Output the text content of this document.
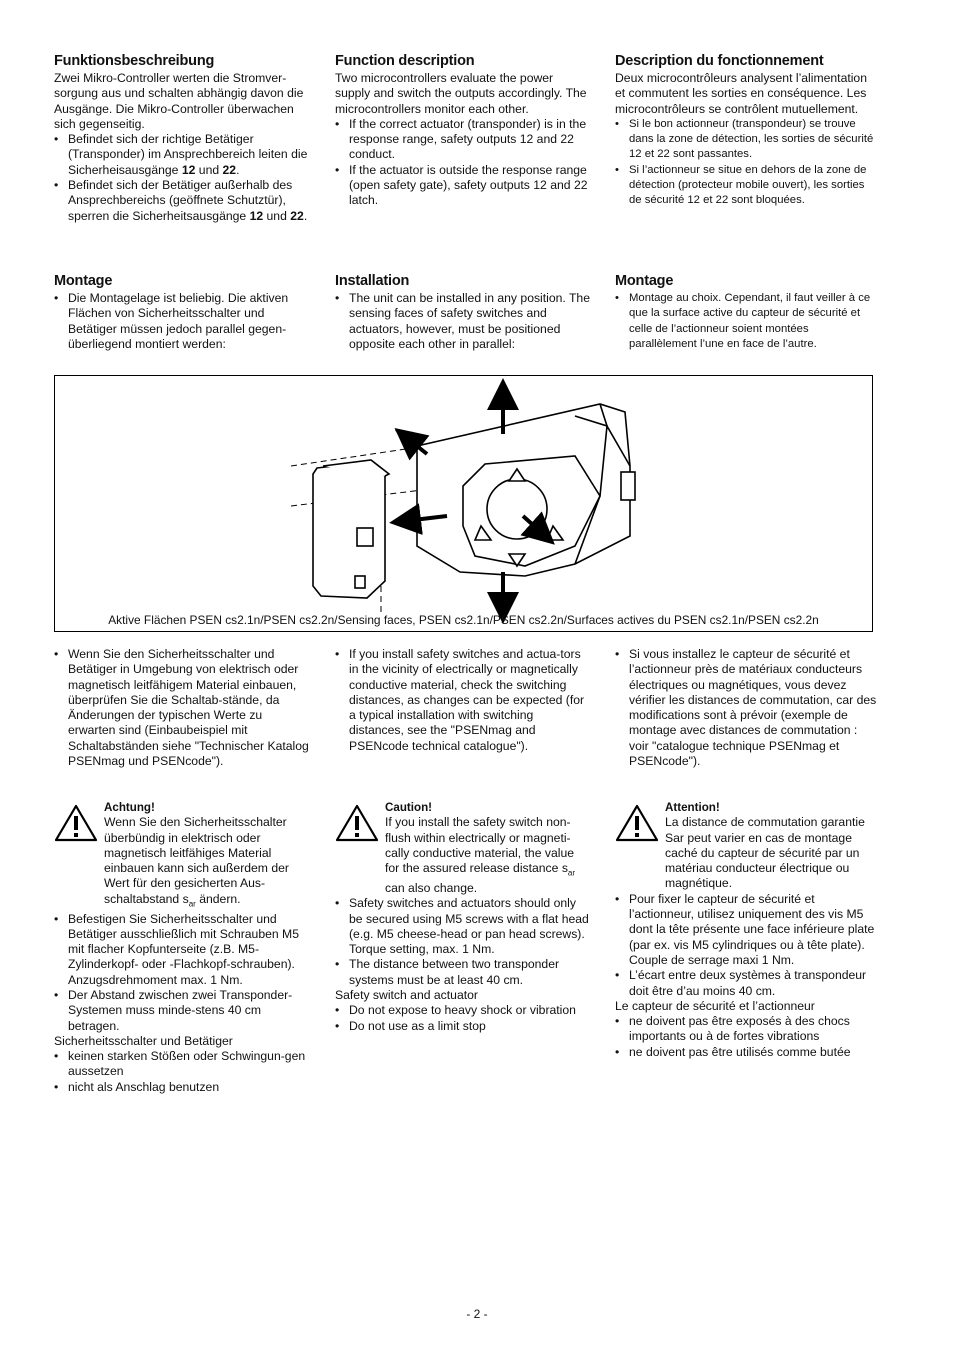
Funktionsbeschreibung

Zwei Mikro-Controller werten die Stromver-sorgung aus und schalten abhängig davon die Ausgänge. Die Mikro-Controller überwachen sich gegenseitig.

• Befindet sich der richtige Betätiger (Transponder) im Ansprechbereich leiten die Sicherheisausgänge 12 und 22.
• Befindet sich der Betätiger außerhalb des Ansprechbereichs (geöffnete Schutztür), sperren die Sicherheitsausgänge 12 und 22.
Function description

Two microcontrollers evaluate the power supply and switch the outputs accordingly. The microcontrollers monitor each other.

• If the correct actuator (transponder) is in the response range, safety outputs 12 and 22 conduct.
• If the actuator is outside the response range (open safety gate), safety outputs 12 and 22 latch.
Description du fonctionnement

Deux microcontrôleurs analysent l’alimentation et commutent les sorties en conséquence. Les microcontrôleurs se contrôlent mutuellement.

• Si le bon actionneur (transpondeur) se trouve dans la zone de détection, les sorties de sécurité 12 et 22 sont passantes.
• Si l’actionneur se situe en dehors de la zone de détection (protecteur mobile ouvert), les sorties de sécurité 12 et 22 sont bloquées.
Montage
• Die Montagelage ist beliebig. Die aktiven Flächen von Sicherheitsschalter und Betätiger müssen jedoch parallel gegen-überliegend montiert werden:
Installation
• The unit can be installed in any position. The sensing faces of safety switches and actuators, however, must be positioned opposite each other in parallel:
Montage
• Montage au choix. Cependant, il faut veiller à ce que la surface active du capteur de sécurité et celle de l’actionneur soient montées parallèlement l’une en face de l’autre.
Aktive Flächen PSEN cs2.1n/PSEN cs2.2n/Sensing faces, PSEN cs2.1n/PSEN cs2.2n/Surfaces actives du PSEN cs2.1n/PSEN cs2.2n
• Wenn Sie den Sicherheitsschalter und Betätiger in Umgebung von elektrisch oder magnetisch leitfähigem Material einbauen, überprüfen Sie die Schaltab-stände, da Änderungen der typischen Werte zu erwarten sind (Einbaubeispiel mit Schaltabständen siehe "Technischer Katalog PSENmag und PSENcode").
• If you install safety switches and actua-tors in the vicinity of electrically or magnetically conductive material, check the switching distances, as changes can be expected (for a typical installation with switching distances, see the "PSENmag and PSENcode technical catalogue").
• Si vous installez le capteur de sécurité et l’actionneur près de matériaux conducteurs électriques ou magnétiques, vous devez vérifier les distances de commutation, car des modifications sont à prévoir (exemple de montage avec distances de commutation : voir "catalogue technique PSENmag et PSENcode").
Achtung!

Wenn Sie den Sicherheitsschalter überbündig in elektrisch oder magnetisch leitfähiges Material einbauen kann sich außerdem der Wert für den gesicherten Aus-schaltabstand $s_{ar}$ ändern.

• Befestigen Sie Sicherheitsschalter und Betätiger ausschließlich mit Schrauben M5 mit flacher Kopfunterseite (z.B. M5-Zylinderkopf- oder -Flachkopf-schrauben). Anzugsdrehmoment max. 1 Nm.
• Der Abstand zwischen zwei Transponder-Systemen muss minde-stens 40 cm betragen.

Sicherheitsschalter und Betätiger

• keinen starken Stößen oder Schwingun-gen aussetzen
• nicht als Anschlag benutzen
Caution!

If you install the safety switch non-flush within electrically or magneti-cally conductive material, the value for the assured release distance $s_{ar}$ can also change.

• Safety switches and actuators should only be secured using M5 screws with a flat head (e.g. M5 cheese-head or pan head screws). Torque setting, max. 1 Nm.
• The distance between two transponder systems must be at least 40 cm.

Safety switch and actuator

• Do not expose to heavy shock or vibration
• Do not use as a limit stop
Attention!

La distance de commutation garantie Sar peut varier en cas de montage caché du capteur de sécurité par un matériau conducteur électrique ou magnétique.

• Pour fixer le capteur de sécurité et l’actionneur, utilisez uniquement des vis M5 dont la tête présente une face inférieure plate (par ex. vis M5 cylindriques ou à tête plate). Couple de serrage maxi 1 Nm.
• L’écart entre deux systèmes à transpondeur doit être d’au moins 40 cm.

Le capteur de sécurité et l’actionneur

• ne doivent pas être exposés à des chocs importants ou à de fortes vibrations
• ne doivent pas être utilisés comme butée
- 2 -
